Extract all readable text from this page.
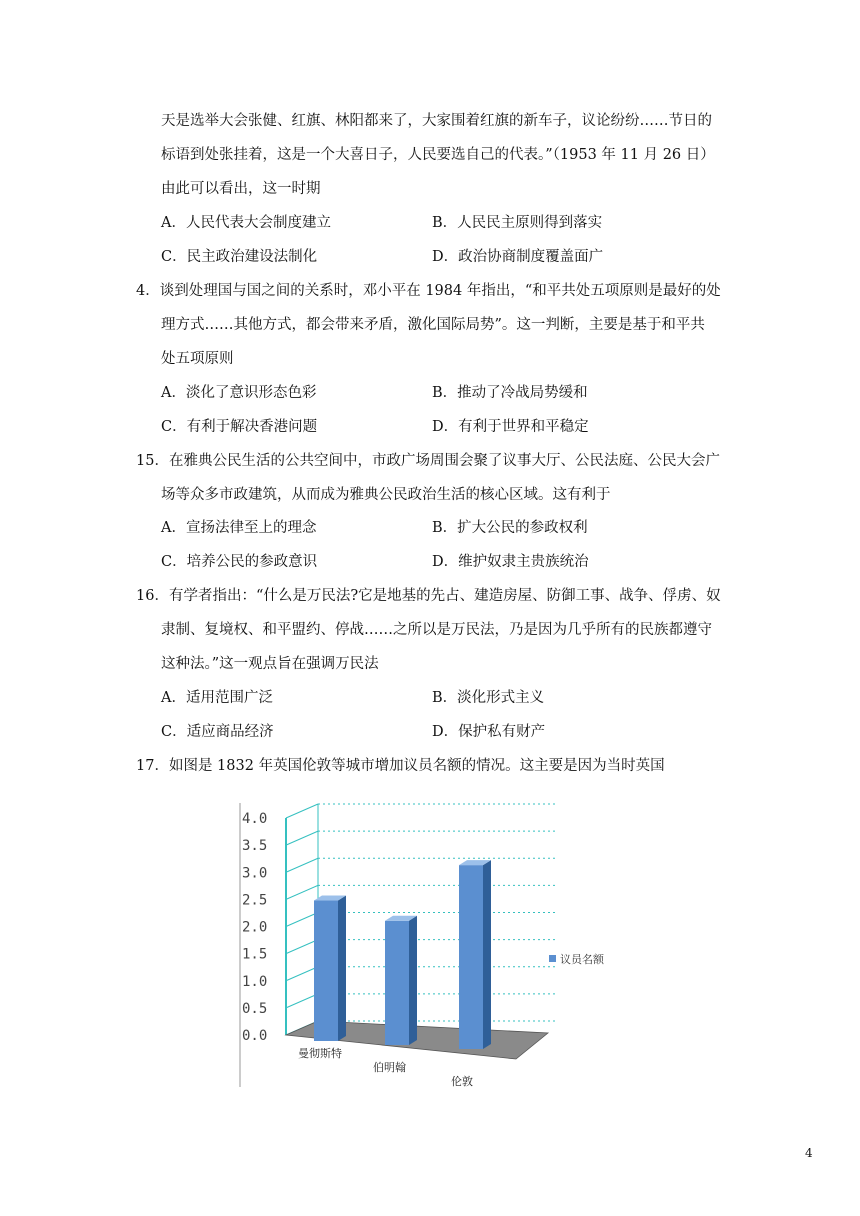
天是选举大会张健、红旗、林阳都来了，大家围着红旗的新车子，议论纷纷……节日的
标语到处张挂着，这是一个大喜日子，人民要选自己的代表。”（1953 年 11 月 26 日）
由此可以看出，这一时期
A．人民代表大会制度建立	B．人民民主原则得到落实
C．民主政治建设法制化	D．政治协商制度覆盖面广
4．谈到处理国与国之间的关系时，邓小平在 1984 年指出，“和平共处五项原则是最好的处
理方式……其他方式，都会带来矛盾，激化国际局势”。这一判断，主要是基于和平共
处五项原则
A．淡化了意识形态色彩	B．推动了冷战局势缓和
C．有利于解决香港问题	D．有利于世界和平稳定
15．在雅典公民生活的公共空间中，市政广场周围会聚了议事大厅、公民法庭、公民大会广
场等众多市政建筑，从而成为雅典公民政治生活的核心区域。这有利于
A．宣扬法律至上的理念	B．扩大公民的参政权利
C．培养公民的参政意识	D．维护奴隶主贵族统治
16．有学者指出：“什么是万民法?它是地基的先占、建造房屋、防御工事、战争、俘虏、奴
隶制、复境权、和平盟约、停战……之所以是万民法，乃是因为几乎所有的民族都遵守
这种法。”这一观点旨在强调万民法
A．适用范围广泛	B．淡化形式主义
C．适应商品经济	D．保护私有财产
17．如图是 1832 年英国伦敦等城市增加议员名额的情况。这主要是因为当时英国
0.0
0.5
1.0
1.5
2.0
2.5
3.0
3.5
4.0
曼彻斯特
伯明翰
伦敦
议员名额
4
